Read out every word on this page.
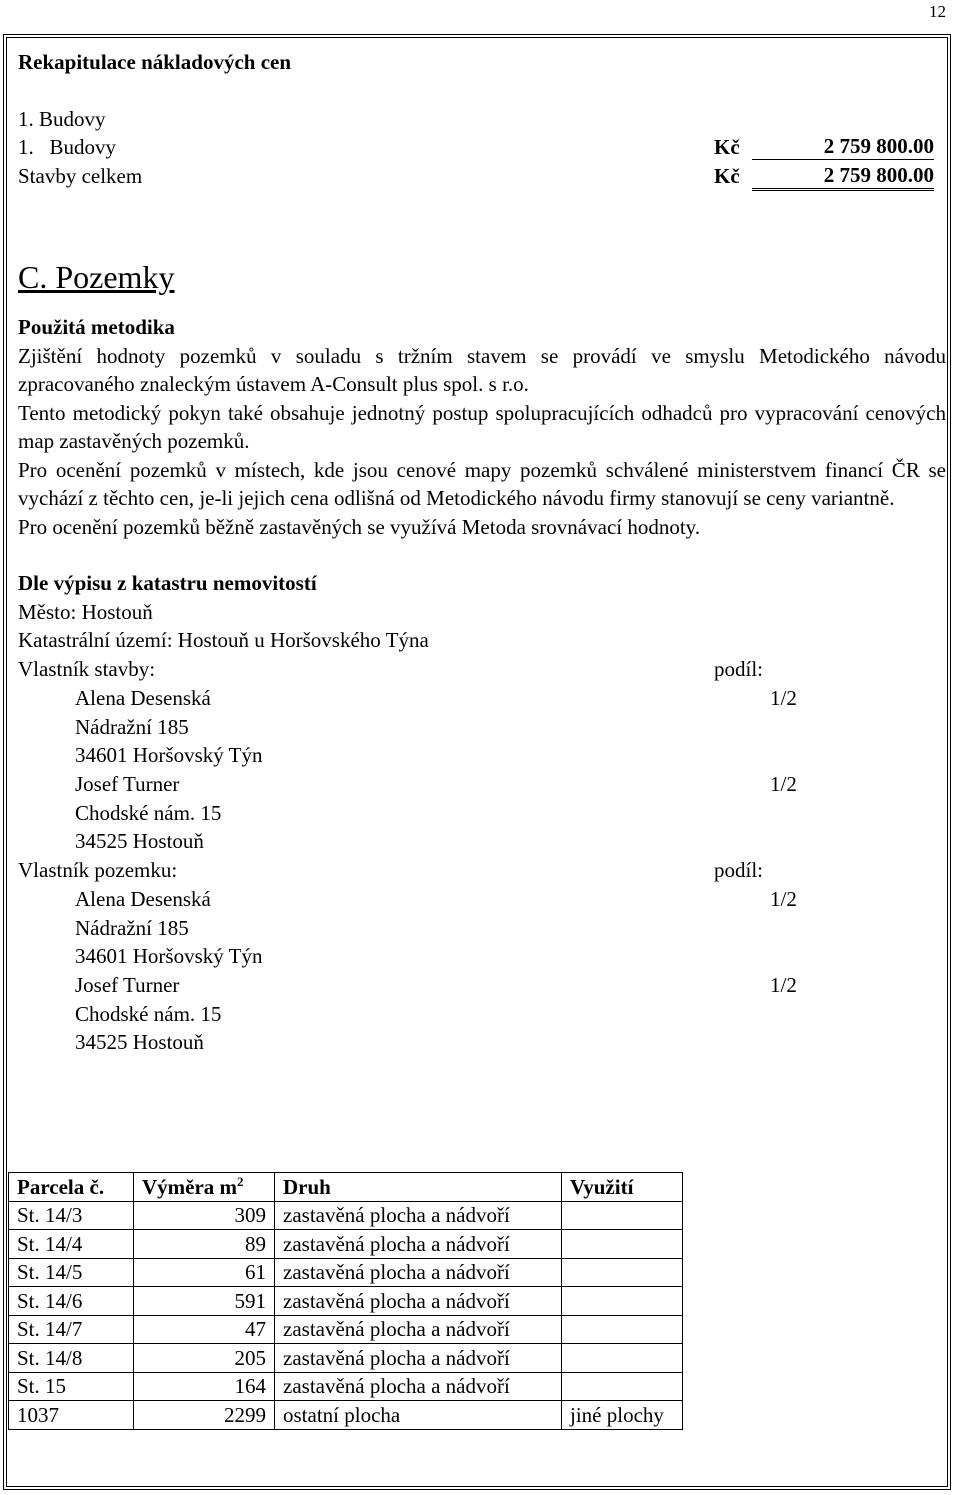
12
Rekapitulace nákladových cen
1. Budovy
1.   Budovy	Kč	2 759 800.00
Stavby celkem	Kč	2 759 800.00
C. Pozemky
Použitá metodika
Zjištění hodnoty pozemků v souladu s tržním stavem se provádí ve smyslu Metodického návodu zpracovaného znaleckým ústavem A-Consult plus spol. s r.o.
Tento metodický pokyn také obsahuje jednotný postup spolupracujících odhadců pro vypracování cenových map zastavěných pozemků.
Pro ocenění pozemků v místech, kde jsou cenové mapy pozemků schválené ministerstvem financí ČR se vychází z těchto cen, je-li jejich cena odlišná od Metodického návodu firmy stanovují se ceny variantně.
Pro ocenění pozemků běžně zastavěných se využívá Metoda srovnávací hodnoty.
Dle výpisu z katastru nemovitostí
Město: Hostouň
Katastrální území: Hostouň u Horšovského Týna
Vlastník stavby:	podíl:
Alena Desenská	1/2
Nádražní 185
34601 Horšovský Týn
Josef Turner	1/2
Chodské nám. 15
34525 Hostouň
Vlastník pozemku:	podíl:
Alena Desenská	1/2
Nádražní 185
34601 Horšovský Týn
Josef Turner	1/2
Chodské nám. 15
34525 Hostouň
Parcela č.	Výměra $m^2$	Druh	Využití
St. 14/3	309	zastavěná plocha a nádvoří	
St. 14/4	89	zastavěná plocha a nádvoří	
St. 14/5	61	zastavěná plocha a nádvoří	
St. 14/6	591	zastavěná plocha a nádvoří	
St. 14/7	47	zastavěná plocha a nádvoří	
St. 14/8	205	zastavěná plocha a nádvoří	
St. 15	164	zastavěná plocha a nádvoří	
1037	2299	ostatní plocha	jiné plochy
